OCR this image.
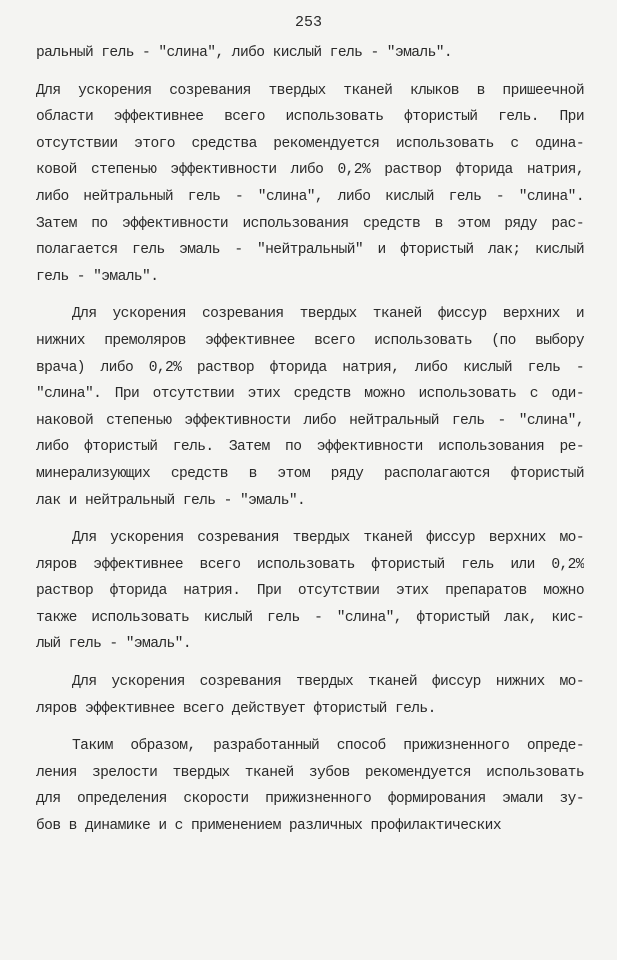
253
ральный гель - "слина", либо кислый гель - "эмаль".
Для ускорения созревания твердых тканей клыков в пришеечной
области эффективнее всего использовать фтористый гель. При
отсутствии этого средства рекомендуется использовать с одина-
ковой степенью эффективности либо 0,2% раствор фторида натрия,
либо нейтральный гель - "слина", либо кислый гель - "слина".
Затем по эффективности использования средств в этом ряду рас-
полагается гель эмаль - "нейтральный" и фтористый лак; кислый
гель - "эмаль".
Для ускорения созревания твердых тканей фиссур верхних и
нижних премоляров эффективнее всего использовать (по выбору
врача) либо 0,2% раствор фторида натрия, либо кислый гель -
"слина". При отсутствии этих средств можно использовать с оди-
наковой степенью эффективности либо нейтральный гель - "слина",
либо фтористый гель. Затем по эффективности использования ре-
минерализующих средств в этом ряду располагаются фтористый
лак и нейтральный гель - "эмаль".
Для ускорения созревания твердых тканей фиссур верхних мо-
ляров эффективнее всего использовать фтористый гель или 0,2%
раствор фторида натрия. При отсутствии этих препаратов можно
также использовать кислый гель - "слина", фтористый лак, кис-
лый гель - "эмаль".
Для ускорения созревания твердых тканей фиссур нижних мо-
ляров эффективнее всего действует фтористый гель.
Таким образом, разработанный способ прижизненного опреде-
ления зрелости твердых тканей зубов рекомендуется использовать
для определения скорости прижизненного формирования эмали зу-
бов в динамике и с применением различных профилактических
